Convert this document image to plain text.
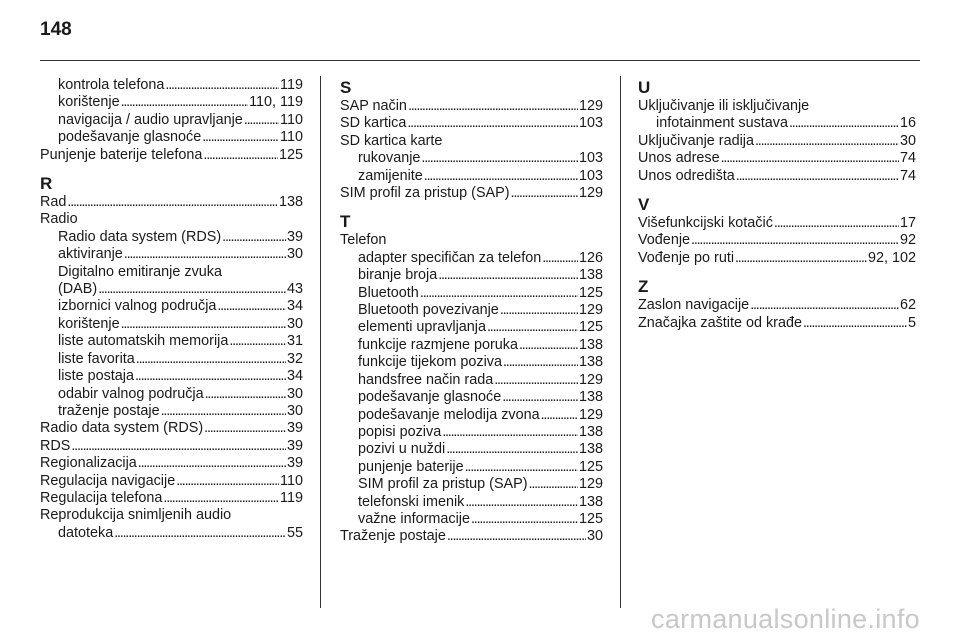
148
kontrola telefona . . .	119
korištenje . . .	110, 119
navigacija / audio upravljanje . . .	110
podešavanje glasnoće . . .	110
Punjenje baterije telefona . . .	125
R
Rad . . .	138
Radio
Radio data system (RDS) . . .	39
aktiviranje . . .	30
Digitalno emitiranje zvuka
(DAB) . . .	43
izbornici valnog područja . . .	34
korištenje . . .	30
liste automatskih memorija . . .	31
liste favorita . . .	32
liste postaja . . .	34
odabir valnog područja . . .	30
traženje postaje . . .	30
Radio data system (RDS) . . .	39
RDS . . .	39
Regionalizacija . . .	39
Regulacija navigacije . . .	110
Regulacija telefona . . .	119
Reprodukcija snimljenih audio
datoteka . . .	55
S
SAP način . . .	129
SD kartica . . .	103
SD kartica karte
rukovanje . . .	103
zamijenite . . .	103
SIM profil za pristup (SAP) . . .	129
T
Telefon
adapter specifičan za telefon . . .	126
biranje broja . . .	138
Bluetooth . . .	125
Bluetooth povezivanje . . .	129
elementi upravljanja . . .	125
funkcije razmjene poruka . . .	138
funkcije tijekom poziva . . .	138
handsfree način rada . . .	129
podešavanje glasnoće . . .	138
podešavanje melodija zvona . . .	129
popisi poziva . . .	138
pozivi u nuždi . . .	138
punjenje baterije . . .	125
SIM profil za pristup (SAP) . . .	129
telefonski imenik . . .	138
važne informacije . . .	125
Traženje postaje . . .	30
U
Uključivanje ili isključivanje
infotainment sustava . . .	16
Uključivanje radija . . .	30
Unos adrese . . .	74
Unos odredišta . . .	74
V
Višefunkcijski kotačić . . .	17
Vođenje . . .	92
Vođenje po ruti . . .	92, 102
Z
Zaslon navigacije . . .	62
Značajka zaštite od krađe . . .	5
carmanualsonline.info
